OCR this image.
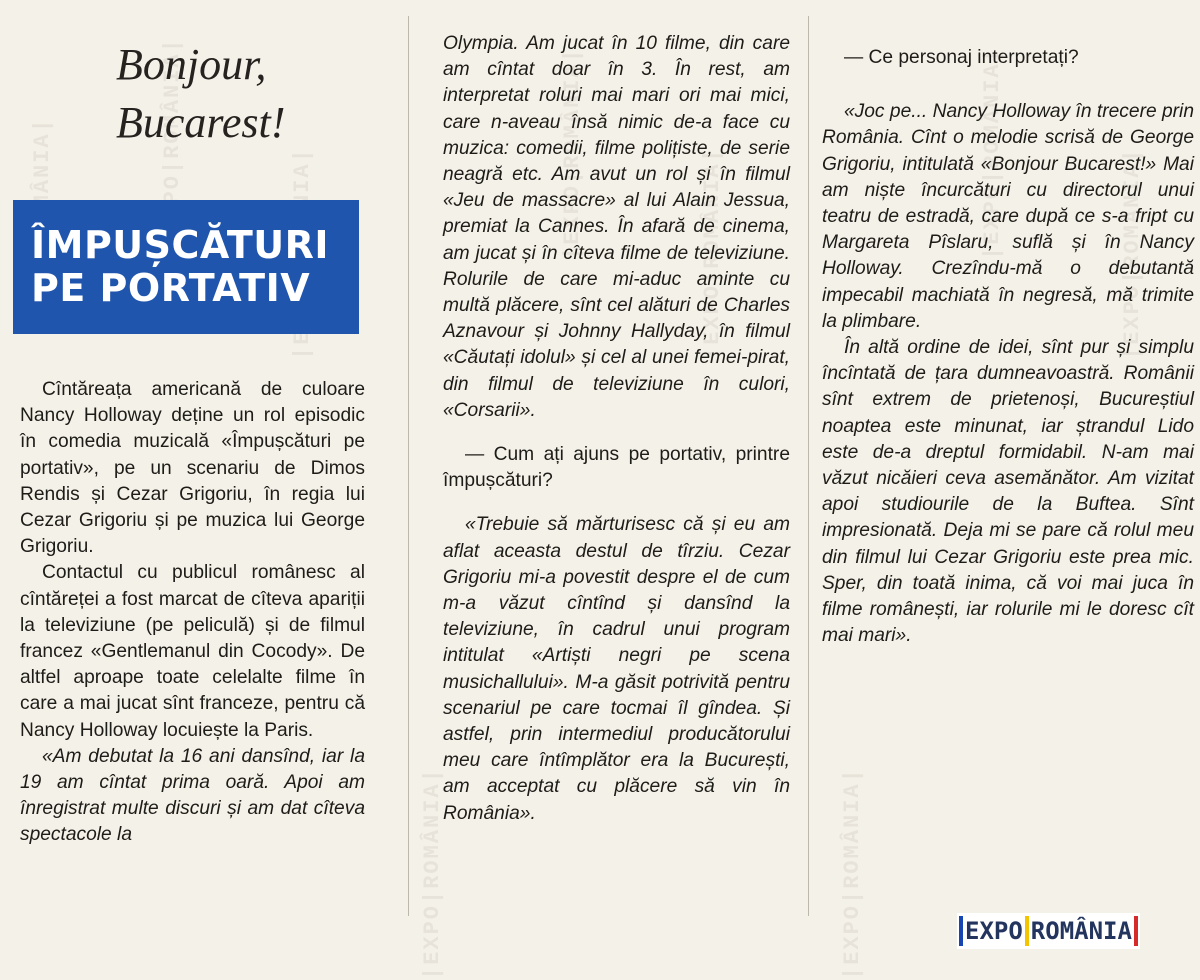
|EXPO|ROMÂNIA|
|EXPO|ROMÂNIA|
|EXPO|ROMÂNIA|	|EXPO|ROMÂNIA|
|EXPO|ROMÂNIA|
|EXPO|ROMÂNIA|	|EXPO|ROMÂNIA|
Bonjour,
Bucarest!
ÎMPUȘCĂTURI
PE PORTATIV

Cîntăreața americană de culoare Nancy Holloway deține un rol episodic în comedia muzicală «Împușcături pe portativ», pe un scenariu de Dimos Rendis și Cezar Grigoriu, în regia lui Cezar Grigoriu și pe muzica lui George Grigoriu.

Contactul cu publicul românesc al cîntăreței a fost marcat de cîteva apariții la televiziune (pe peliculă) și de filmul francez «Gentlemanul din Cocody». De altfel aproape toate celelalte filme în care a mai jucat sînt franceze, pentru că Nancy Holloway locuiește la Paris.

«Am debutat la 16 ani dansînd, iar la 19 am cîntat prima oară. Apoi am înregistrat multe discuri și am dat cîteva spectacole la

Olympia. Am jucat în 10 filme, din care am cîntat doar în 3. În rest, am interpretat roluri mai mari ori mai mici, care n-aveau însă nimic de-a face cu muzica: comedii, filme polițiste, de serie neagră etc. Am avut un rol și în filmul «Jeu de massacre» al lui Alain Jessua, premiat la Cannes. În afară de cinema, am jucat și în cîteva filme de televiziune. Rolurile de care mi-aduc aminte cu multă plăcere, sînt cel alături de Charles Aznavour și Johnny Hallyday, în filmul «Căutați idolul» și cel al unei femei-pirat, din filmul de televiziune în culori, «Corsarii».

— Cum ați ajuns pe portativ, printre împușcături?

«Trebuie să mărturisesc că și eu am aflat aceasta destul de tîrziu. Cezar Grigoriu mi-a povestit despre el de cum m-a văzut cîntînd și dansînd la televiziune, în cadrul unui program intitulat «Artiști negri pe scena musichallului». M-a găsit potrivită pentru scenariul pe care tocmai îl gîndea. Și astfel, prin intermediul producătorului meu care întîmplător era la București, am acceptat cu plăcere să vin în România».

— Ce personaj interpretați?

«Joc pe... Nancy Holloway în trecere prin România. Cînt o melodie scrisă de George Grigoriu, intitulată «Bonjour Bucarest!» Mai am niște încurcături cu directorul unui teatru de estradă, care după ce s-a fript cu Margareta Pîslaru, suflă și în Nancy Holloway. Crezîndu-mă o debutantă impecabil machiată în negresă, mă trimite la plimbare.

În altă ordine de idei, sînt pur și simplu încîntată de țara dumneavoastră. Românii sînt extrem de prietenoși, Bucureștiul noaptea este minunat, iar ștrandul Lido este de-a dreptul formidabil. N-am mai văzut nicăieri ceva asemănător. Am vizitat apoi studiourile de la Buftea. Sînt impresionată. Deja mi se pare că rolul meu din filmul lui Cezar Grigoriu este prea mic. Sper, din toată inima, că voi mai juca în filme românești, iar rolurile mi le doresc cît mai mari».

EXPO ROMÂNIA
